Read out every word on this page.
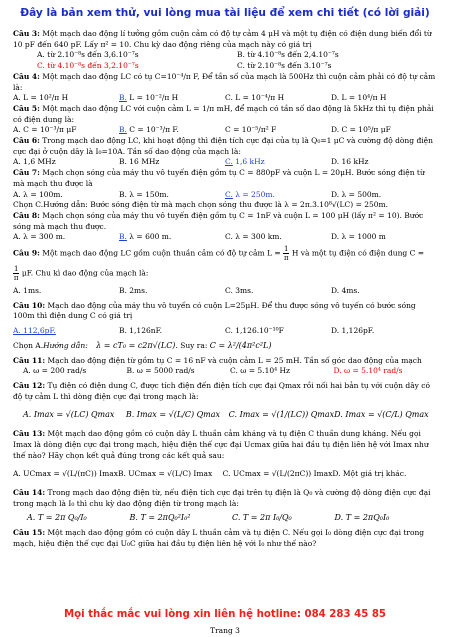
Đây là bản xem thử, vui lòng mua tài liệu để xem chi tiết (có lời giải)
Câu 3: Một mạch dao động lí tưởng gồm cuộn cảm có độ tự cảm 4 μH và một tụ điện có điện dung biến đổi từ 10 pF đến 640 pF. Lấy π² = 10. Chu kỳ dao động riêng của mạch này có giá trị
A. từ 2.10⁻⁸s đến 3,6.10⁻⁷s	B. từ 4.10⁻⁸s đến 2,4.10⁻⁷s
C. từ 4.10⁻⁸s đến 3,2.10⁻⁷s	C. từ 2.10⁻⁸s đến 3.10⁻⁷s
Câu 4: Một mạch dao động LC có tụ C=10⁻⁴/π F, Để tần số của mạch là 500Hz thì cuộn cảm phải có độ tự cảm là:
A. L = 10²/π H	B. L = 10⁻²/π H	C. L = 10⁻⁴/π H	D. L = 10⁴/π H
Câu 5: Một mạch dao động LC với cuộn cảm L = 1/π mH, để mạch có tần số dao động là 5kHz thì tụ điện phải có điện dung là:
A. C = 10⁻³/π μF	B. C = 10⁻³/π F.	C = 10⁻⁵/π² F	D. C = 10⁵/π μF
Câu 6: Trong mạch dao động LC, khi hoạt động thì điện tích cực đại của tụ là Q₀=1 μC và cường độ dòng điện cực đại ở cuộn dây là I₀=10A. Tần số dao động của mạch là:
A. 1,6 MHz	B. 16 MHz	C. 1,6 kHz	D. 16 kHz
Câu 7: Mạch chọn sóng của máy thu vô tuyến điện gồm tụ C = 880pF và cuộn L = 20μH. Bước sóng điện từ mà mạch thu được là
A. λ = 100m.	B. λ = 150m.	C. λ = 250m.	D. λ = 500m.
Chọn C.Hướng dẫn: Bước sóng điện từ mà mạch chọn sóng thu được là λ = 2π.3.10⁸√(LC) = 250m.
Câu 8: Mạch chọn sóng của máy thu vô tuyến điện gồm tụ C = 1nF và cuộn L = 100 μH (lấy π² = 10). Bước sóng mà mạch thu được.
A. λ = 300 m.	B. λ = 600 m.	C. λ = 300 km.	D. λ = 1000 m
Câu 9: Một mạch dao động LC gồm cuộn thuần cảm có độ tự cảm $L = \frac{1}{\pi}$ H và một tụ điện có điện dung C =
$\frac{1}{\pi} \mu F$. Chu kì dao động của mạch là:
A. 1ms.	B. 2ms.	C. 3ms.	D. 4ms.
Câu 10: Mạch dao động của máy thu vô tuyến có cuộn L=25μH. Để thu được sóng vô tuyến có bước sóng 100m thì điện dung C có giá trị
A. 112,6pF.	B. 1,126nF.	C. 1,126.10⁻¹⁰F	D. 1,126pF.
Chọn A.Hướng dẫn: λ = cT₀ = c2π√(LC). Suy ra: C = λ²/(4π²c²L)
Câu 11: Mạch dao động điện từ gồm tụ C = 16 nF và cuộn cảm L = 25 mH. Tần số góc dao động của mạch
A. ω = 200 rad/s	B. ω = 5000 rad/s	C. ω = 5.10⁴ Hz	D. ω = 5.10⁴ rad/s
Câu 12: Tụ điện có điện dung C, được tích điện đến điện tích cực đại Qmax rồi nối hai bản tụ với cuộn dây có độ tự cảm L thì dòng điện cực đại trong mạch là:
A. Imax = √(LC) Qmax	B. Imax = √(L/C) Qmax	C. Imax = √(1/(LC)) Qmax D. Imax = √(C/L) Qmax
Câu 13: Một mạch dao động gồm có cuộn dây L thuần cảm kháng và tụ điện C thuần dung kháng. Nếu gọi Imax là dòng điện cực đại trong mạch, hiệu điện thế cực đại Ucmax giữa hai đầu tụ điện liên hệ với Imax như thế nào? Hãy chọn kết quả đúng trong các kết quả sau:
A. UCmax = √(L/(πC)) Imax B. UCmax = √(L/C) Imax	C. UCmax = √(L/(2πC)) Imax D. Một giá trị khác.
Câu 14: Trong mạch dao động điện từ, nếu điện tích cực đại trên tụ điện là Q₀ và cường độ dòng điện cực đại trong mạch là I₀ thì chu kỳ dao động điện từ trong mạch là:
A. T = 2π Q₀/I₀	B. T = 2πQ₀²I₀²	C. T = 2π I₀/Q₀	D. T = 2πQ₀I₀
Câu 15: Một mạch dao động gồm có cuộn dây L thuần cảm và tụ điện C. Nếu gọi I₀ dòng điện cực đại trong mạch, hiệu điện thế cực đại U₀C giữa hai đầu tụ điện liên hệ với I₀ như thế nào?
Mọi thắc mắc vui lòng xin liên hệ hotline: 084 283 45 85
Trang 3
